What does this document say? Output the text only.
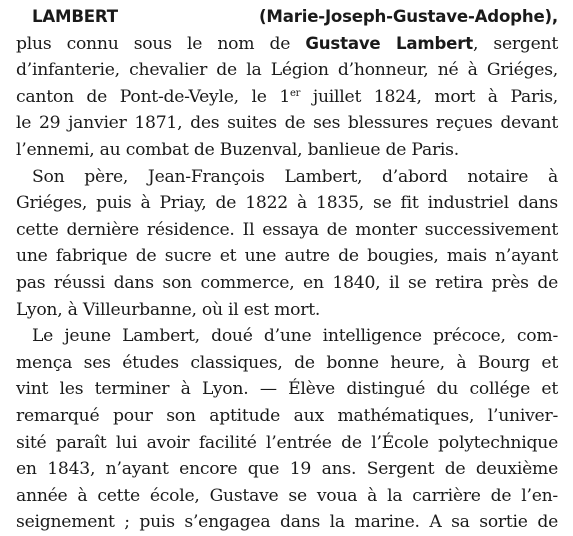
LAMBERT (Marie-Joseph-Gustave-Adophe),
plus connu sous le nom de Gustave Lambert, sergent
d’infanterie, chevalier de la Légion d’honneur, né à Griéges,
canton de Pont-de-Veyle, le 1er juillet 1824, mort à Paris,
le 29 janvier 1871, des suites de ses blessures reçues devant
l’ennemi, au combat de Buzenval, banlieue de Paris.
Son père, Jean-François Lambert, d’abord notaire à
Griéges, puis à Priay, de 1822 à 1835, se fit industriel dans
cette dernière résidence. Il essaya de monter successivement
une fabrique de sucre et une autre de bougies, mais n’ayant
pas réussi dans son commerce, en 1840, il se retira près de
Lyon, à Villeurbanne, où il est mort.
Le jeune Lambert, doué d’une intelligence précoce, com-
mença ses études classiques, de bonne heure, à Bourg et
vint les terminer à Lyon. — Élève distingué du collége et
remarqué pour son aptitude aux mathématiques, l’univer-
sité paraît lui avoir facilité l’entrée de l’École polytechnique
en 1843, n’ayant encore que 19 ans. Sergent de deuxième
année à cette école, Gustave se voua à la carrière de l’en-
seignement ; puis s’engagea dans la marine. A sa sortie de
